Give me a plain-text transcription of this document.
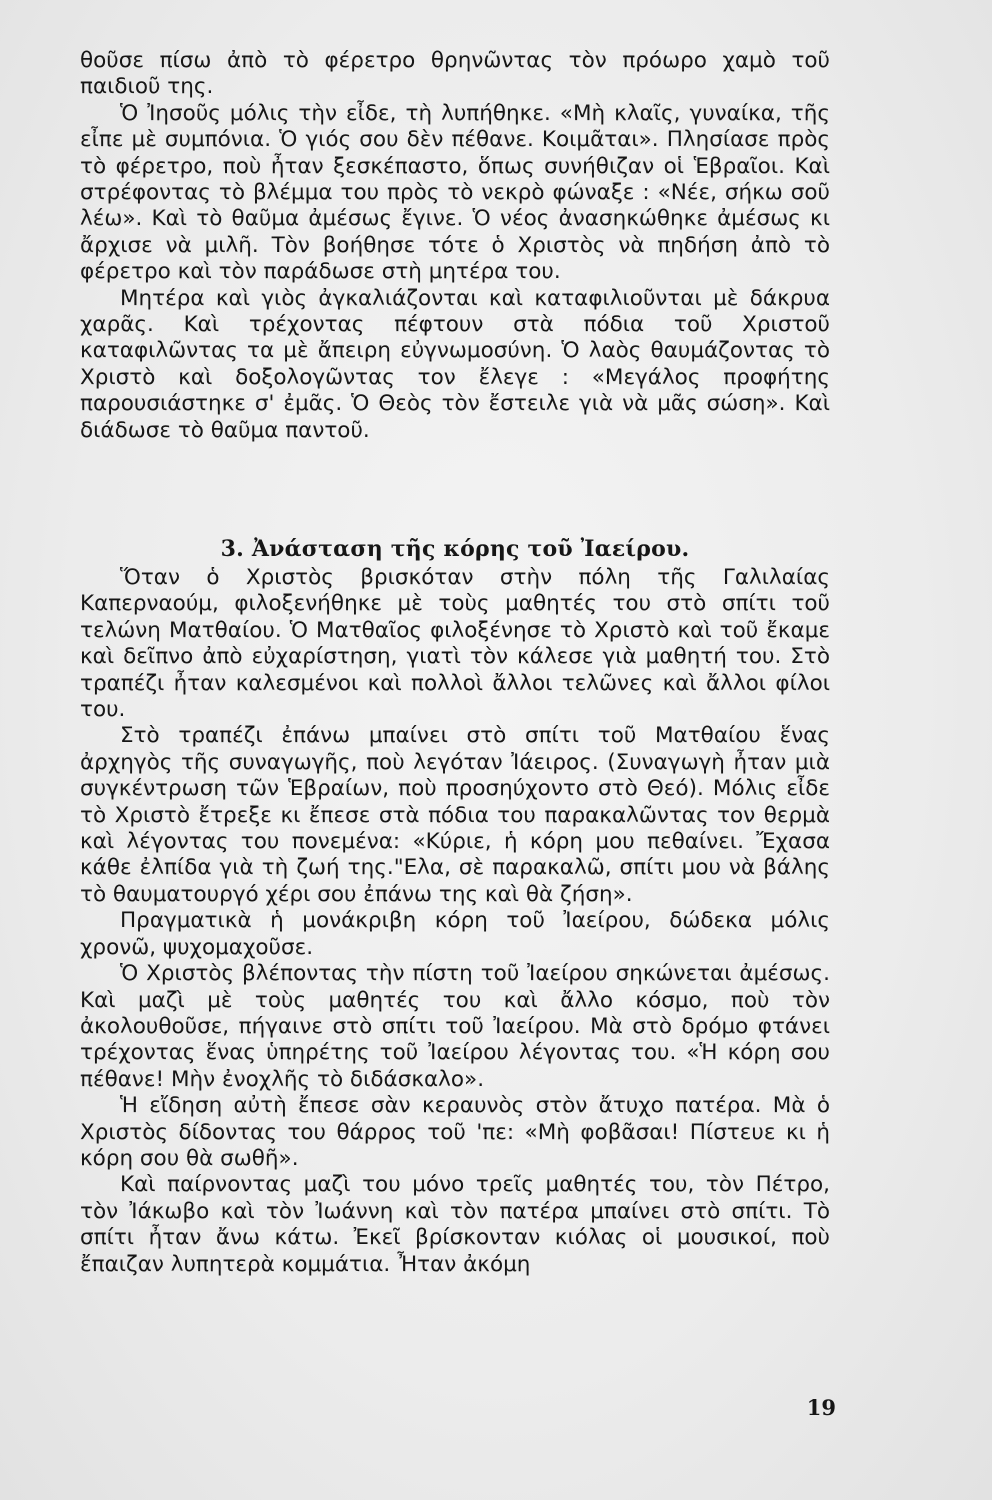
θοῦσε πίσω ἀπὸ τὸ φέρετρο θρηνῶντας τὸν πρόωρο χαμὸ τοῦ παιδιοῦ της.

Ὁ Ἰησοῦς μόλις τὴν εἶδε, τὴ λυπήθηκε. «Μὴ κλαῖς, γυναίκα, τῆς εἶπε μὲ συμπόνια. Ὁ γιός σου δὲν πέθανε. Κοιμᾶται». Πλησίασε πρὸς τὸ φέρετρο, ποὺ ἦταν ξεσκέπαστο, ὅπως συνήθιζαν οἱ Ἑβραῖοι. Καὶ στρέφοντας τὸ βλέμμα του πρὸς τὸ νεκρὸ φώναξε : «Νέε, σήκω σοῦ λέω». Καὶ τὸ θαῦμα ἀμέσως ἔγινε. Ὁ νέος ἀνασηκώθηκε ἀμέσως κι ἄρχισε νὰ μιλῆ. Τὸν βοήθησε τότε ὁ Χριστὸς νὰ πηδήση ἀπὸ τὸ φέρετρο καὶ τὸν παράδωσε στὴ μητέρα του.

Μητέρα καὶ γιὸς ἀγκαλιάζονται καὶ καταφιλιοῦνται μὲ δάκρυα χαρᾶς. Καὶ τρέχοντας πέφτουν στὰ πόδια τοῦ Χριστοῦ καταφιλῶντας τα μὲ ἄπειρη εὐγνωμοσύνη. Ὁ λαὸς θαυμάζοντας τὸ Χριστὸ καὶ δοξολογῶντας τον ἔλεγε : «Μεγάλος προφήτης παρουσιάστηκε σ' ἐμᾶς. Ὁ Θεὸς τὸν ἔστειλε γιὰ νὰ μᾶς σώση». Καὶ διάδωσε τὸ θαῦμα παντοῦ.

3. Ἀνάσταση τῆς κόρης τοῦ Ἰαείρου.

Ὅταν ὁ Χριστὸς βρισκόταν στὴν πόλη τῆς Γαλιλαίας Καπερναούμ, φιλοξενήθηκε μὲ τοὺς μαθητές του στὸ σπίτι τοῦ τελώνη Ματθαίου. Ὁ Ματθαῖος φιλοξένησε τὸ Χριστὸ καὶ τοῦ ἔκαμε καὶ δεῖπνο ἀπὸ εὐχαρίστηση, γιατὶ τὸν κάλεσε γιὰ μαθητή του. Στὸ τραπέζι ἦταν καλεσμένοι καὶ πολλοὶ ἄλλοι τελῶνες καὶ ἄλλοι φίλοι του.

Στὸ τραπέζι ἐπάνω μπαίνει στὸ σπίτι τοῦ Ματθαίου ἕνας ἀρχηγὸς τῆς συναγωγῆς, ποὺ λεγόταν Ἰάειρος. (Συναγωγὴ ἦταν μιὰ συγκέντρωση τῶν Ἑβραίων, ποὺ προσηύχοντο στὸ Θεό). Μόλις εἶδε τὸ Χριστὸ ἔτρεξε κι ἔπεσε στὰ πόδια του παρακαλῶντας τον θερμὰ καὶ λέγοντας του πονεμένα: «Κύριε, ἡ κόρη μου πεθαίνει. Ἔχασα κάθε ἐλπίδα γιὰ τὴ ζωή της."Ελα, σὲ παρακαλῶ, σπίτι μου νὰ βάλης τὸ θαυματουργό χέρι σου ἐπάνω της καὶ θὰ ζήση».

Πραγματικὰ ἡ μονάκριβη κόρη τοῦ Ἰαείρου, δώδεκα μόλις χρονῶ, ψυχομαχοῦσε.

Ὁ Χριστὸς βλέποντας τὴν πίστη τοῦ Ἰαείρου σηκώνεται ἀμέσως. Καὶ μαζὶ μὲ τοὺς μαθητές του καὶ ἄλλο κόσμο, ποὺ τὸν ἀκολουθοῦσε, πήγαινε στὸ σπίτι τοῦ Ἰαείρου. Μὰ στὸ δρόμο φτάνει τρέχοντας ἕνας ὑπηρέτης τοῦ Ἰαείρου λέγοντας του. «Ἡ κόρη σου πέθανε! Μὴν ἐνοχλῆς τὸ διδάσκαλο».

Ἡ εἴδηση αὐτὴ ἔπεσε σὰν κεραυνὸς στὸν ἄτυχο πατέρα. Μὰ ὁ Χριστὸς δίδοντας του θάρρος τοῦ 'πε: «Μὴ φοβᾶσαι! Πίστευε κι ἡ κόρη σου θὰ σωθῆ».

Καὶ παίρνοντας μαζὶ του μόνο τρεῖς μαθητές του, τὸν Πέτρο, τὸν Ἰάκωβο καὶ τὸν Ἰωάννη καὶ τὸν πατέρα μπαίνει στὸ σπίτι. Τὸ σπίτι ἦταν ἄνω κάτω. Ἐκεῖ βρίσκονταν κιόλας οἱ μουσικοί, ποὺ ἔπαιζαν λυπητερὰ κομμάτια. Ἦταν ἀκόμη

19
